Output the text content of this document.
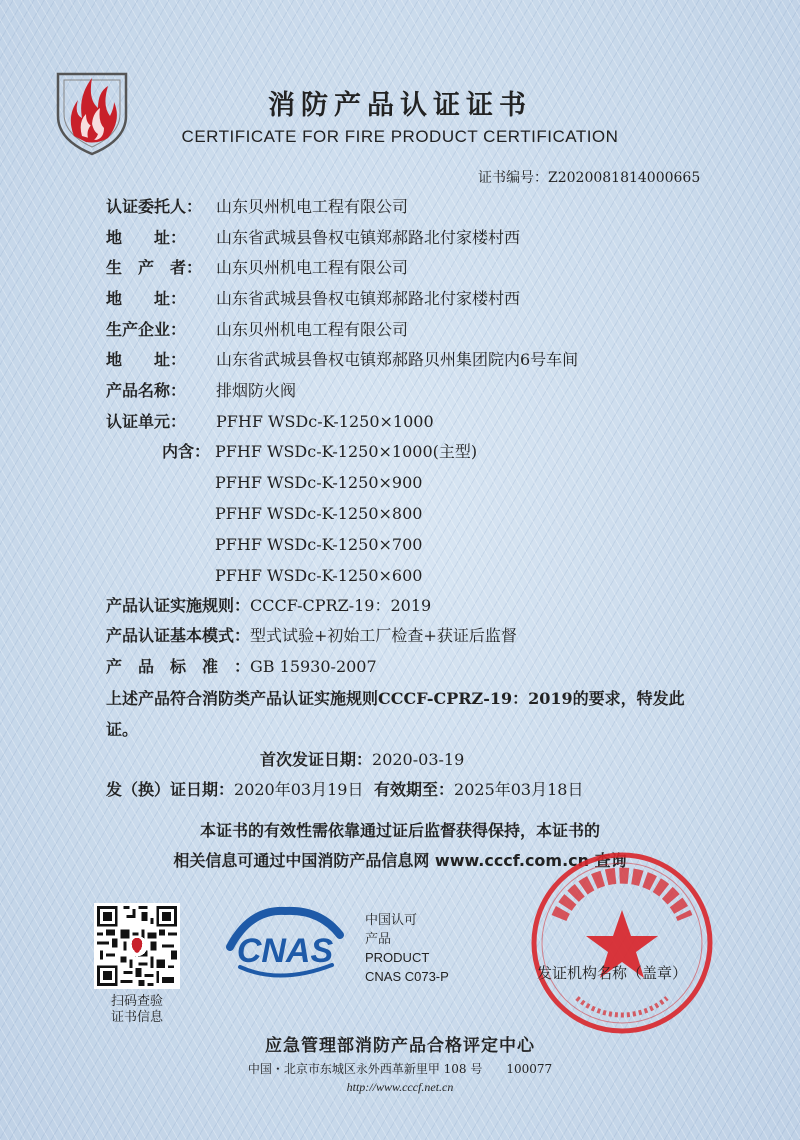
消防产品认证证书
CERTIFICATE FOR FIRE PRODUCT CERTIFICATION
证书编号：Z2020081814000665
认证委托人： 山东贝州机电工程有限公司
地　　址： 山东省武城县鲁权屯镇郑郝路北付家楼村西
生　产　者： 山东贝州机电工程有限公司
地　　址： 山东省武城县鲁权屯镇郑郝路北付家楼村西
生产企业： 山东贝州机电工程有限公司
地　　址： 山东省武城县鲁权屯镇郑郝路贝州集团院内6号车间
产品名称： 排烟防火阀
认证单元： PFHF WSDc-K-1250×1000
内含： PFHF WSDc-K-1250×1000(主型)
PFHF WSDc-K-1250×900
PFHF WSDc-K-1250×800
PFHF WSDc-K-1250×700
PFHF WSDc-K-1250×600
产品认证实施规则：CCCF-CPRZ-19：2019
产品认证基本模式：型式试验+初始工厂检查+获证后监督
产　品　标　准　：GB 15930-2007
上述产品符合消防类产品认证实施规则CCCF-CPRZ-19：2019的要求，特发此证。
首次发证日期：2020-03-19
发（换）证日期：2020年03月19日 有效期至：2025年03月18日
本证书的有效性需依靠通过证后监督获得保持，本证书的
相关信息可通过中国消防产品信息网 www.cccf.com.cn 查询
扫码查验
证书信息
CNAS
中国认可
产品
PRODUCT
CNAS C073-P	发证机构名称（盖章）
应急管理部消防产品合格评定中心
中国・北京市东城区永外西革新里甲 108 号　　100077
http://www.cccf.net.cn
